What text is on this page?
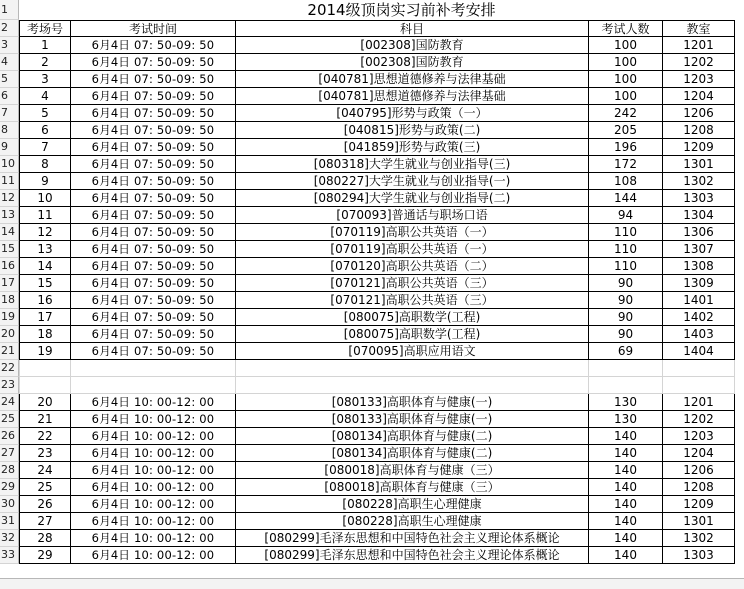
1	2014级顶岗实习前补考安排
2	考场号	考试时间	科目	考试人数	教室
3	1	6月4日 07: 50-09: 50	[002308]国防教育	100	1201
4	2	6月4日 07: 50-09: 50	[002308]国防教育	100	1202
5	3	6月4日 07: 50-09: 50	[040781]思想道德修养与法律基础	100	1203
6	4	6月4日 07: 50-09: 50	[040781]思想道德修养与法律基础	100	1204
7	5	6月4日 07: 50-09: 50	[040795]形势与政策（一）	242	1206
8	6	6月4日 07: 50-09: 50	[040815]形势与政策(二)	205	1208
9	7	6月4日 07: 50-09: 50	[041859]形势与政策(三)	196	1209
10	8	6月4日 07: 50-09: 50	[080318]大学生就业与创业指导(三)	172	1301
11	9	6月4日 07: 50-09: 50	[080227]大学生就业与创业指导(一)	108	1302
12	10	6月4日 07: 50-09: 50	[080294]大学生就业与创业指导(二)	144	1303
13	11	6月4日 07: 50-09: 50	[070093]普通话与职场口语	94	1304
14	12	6月4日 07: 50-09: 50	[070119]高职公共英语（一）	110	1306
15	13	6月4日 07: 50-09: 50	[070119]高职公共英语（一）	110	1307
16	14	6月4日 07: 50-09: 50	[070120]高职公共英语（二）	110	1308
17	15	6月4日 07: 50-09: 50	[070121]高职公共英语（三）	90	1309
18	16	6月4日 07: 50-09: 50	[070121]高职公共英语（三）	90	1401
19	17	6月4日 07: 50-09: 50	[080075]高职数学(工程)	90	1402
20	18	6月4日 07: 50-09: 50	[080075]高职数学(工程)	90	1403
21	19	6月4日 07: 50-09: 50	[070095]高职应用语文	69	1404
22
23
24	20	6月4日 10: 00-12: 00	[080133]高职体育与健康(一)	130	1201
25	21	6月4日 10: 00-12: 00	[080133]高职体育与健康(一)	130	1202
26	22	6月4日 10: 00-12: 00	[080134]高职体育与健康(二)	140	1203
27	23	6月4日 10: 00-12: 00	[080134]高职体育与健康(二)	140	1204
28	24	6月4日 10: 00-12: 00	[080018]高职体育与健康（三）	140	1206
29	25	6月4日 10: 00-12: 00	[080018]高职体育与健康（三）	140	1208
30	26	6月4日 10: 00-12: 00	[080228]高职生心理健康	140	1209
31	27	6月4日 10: 00-12: 00	[080228]高职生心理健康	140	1301
32	28	6月4日 10: 00-12: 00	[080299]毛泽东思想和中国特色社会主义理论体系概论	140	1302
33	29	6月4日 10: 00-12: 00	[080299]毛泽东思想和中国特色社会主义理论体系概论	140	1303
